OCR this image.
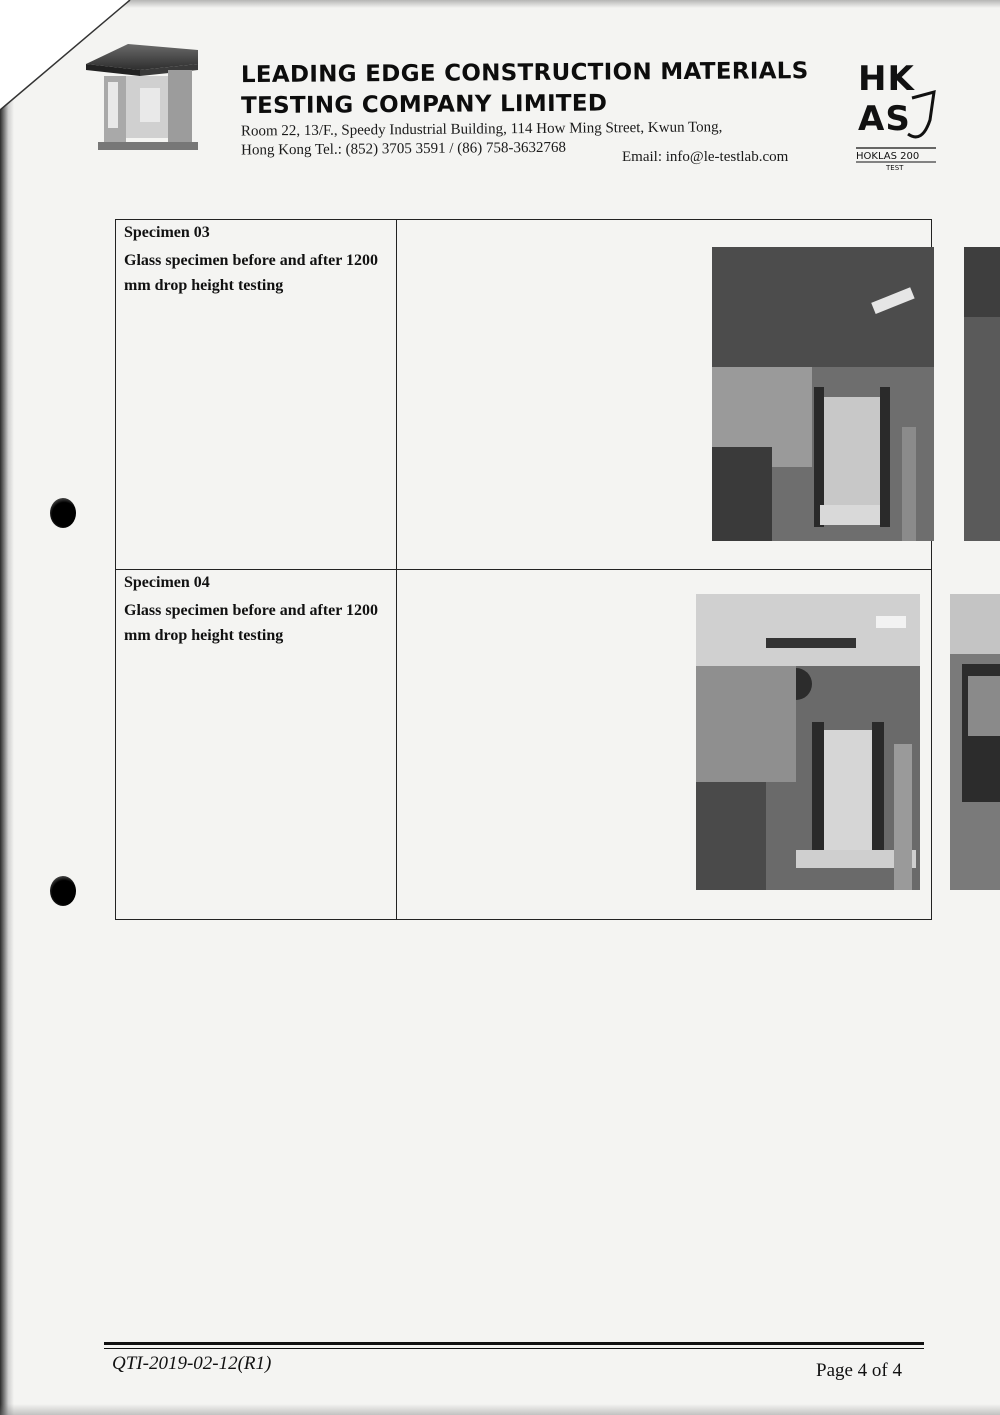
HK
AS
HOKLAS 200
TEST
LEADING EDGE CONSTRUCTION MATERIALS
TESTING COMPANY LIMITED
Room 22, 13/F., Speedy Industrial Building, 114 How Ming Street, Kwun Tong,
Hong Kong Tel.: (852) 3705 3591 / (86) 758-3632768	Email: info@le-testlab.com
Specimen 03
Glass specimen before and after 1200 mm drop height testing

Specimen 04
Glass specimen before and after 1200 mm drop height testing

QTI-2019-02-12(R1)	Page 4 of 4
